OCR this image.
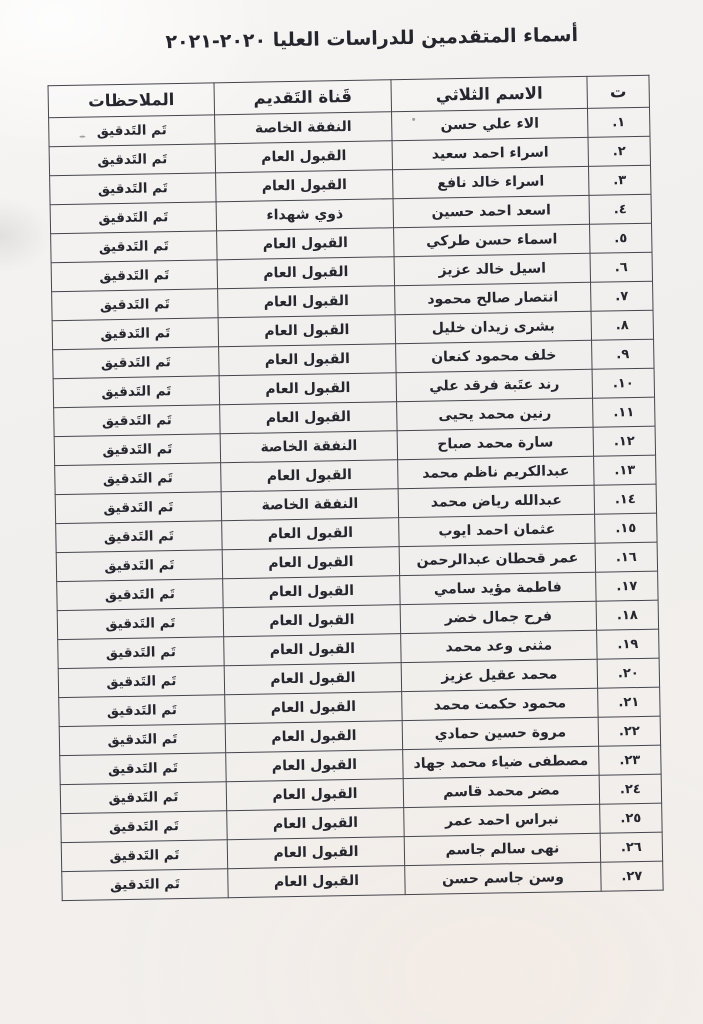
أسماء المتقدمين للدراسات العليا ٢٠٢٠-٢٠٢١
ت	الاسم الثلاثي	قَناة التَقديم	الملاحظات
١.	الاء علي حسن	النفقة الخاصة	تَم التَدقيق
٢.	اسراء احمد سعيد	القبول العام	تَم التَدقيق
٣.	اسراء خالد نافع	القبول العام	تَم التَدقيق
٤.	اسعد احمد حسين	ذوي شهداء	تَم التَدقيق
٥.	اسماء حسن طركي	القبول العام	تَم التَدقيق
٦.	اسيل خالد عزيز	القبول العام	تَم التَدقيق
٧.	انتصار صالح محمود	القبول العام	تَم التَدقيق
٨.	بشرى زيدان خليل	القبول العام	تَم التَدقيق
٩.	خلف محمود كنعان	القبول العام	تَم التَدقيق
١٠.	رند عتَبة فرقد علي	القبول العام	تَم التَدقيق
١١.	رنين محمد يحيى	القبول العام	تَم التَدقيق
١٢.	سارة محمد صباح	النفقة الخاصة	تَم التَدقيق
١٣.	عبدالكريم ناظم محمد	القبول العام	تَم التَدقيق
١٤.	عبدالله رياض محمد	النفقة الخاصة	تَم التَدقيق
١٥.	عثمان احمد ايوب	القبول العام	تَم التَدقيق
١٦.	عمر قحطان عبدالرحمن	القبول العام	تَم التَدقيق
١٧.	فاطمة مؤيد سامي	القبول العام	تَم التَدقيق
١٨.	فرح جمال خضر	القبول العام	تَم التَدقيق
١٩.	مثنى وعد محمد	القبول العام	تَم التَدقيق
٢٠.	محمد عقيل عزيز	القبول العام	تَم التَدقيق
٢١.	محمود حكمت محمد	القبول العام	تَم التَدقيق
٢٢.	مروة حسين حمادي	القبول العام	تَم التَدقيق
٢٣.	مصطفى ضياء محمد جهاد	القبول العام	تَم التَدقيق
٢٤.	مضر محمد قاسم	القبول العام	تَم التَدقيق
٢٥.	نبراس احمد عمر	القبول العام	تَم التَدقيق
٢٦.	نهى سالم جاسم	القبول العام	تَم التَدقيق
٢٧.	وسن جاسم حسن	القبول العام	تَم التَدقيق
